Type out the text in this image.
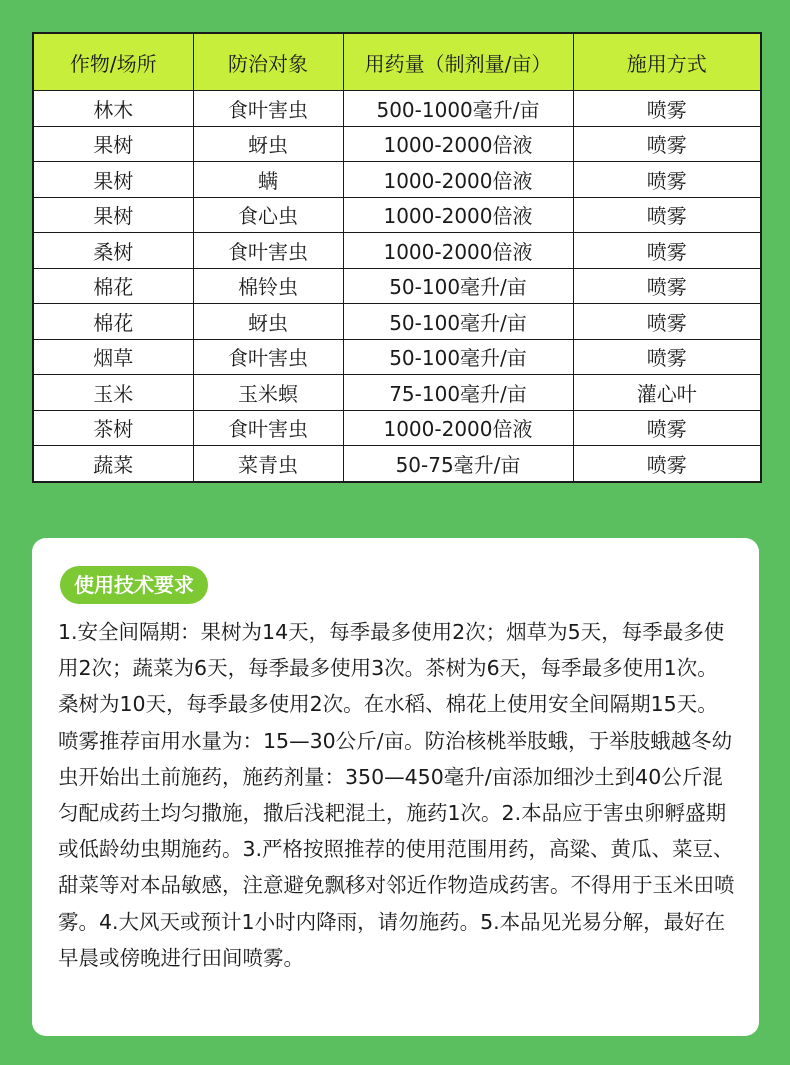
作物/场所	防治对象	用药量（制剂量/亩）	施用方式
林木	食叶害虫	500-1000毫升/亩	喷雾
果树	蚜虫	1000-2000倍液	喷雾
果树	螨	1000-2000倍液	喷雾
果树	食心虫	1000-2000倍液	喷雾
桑树	食叶害虫	1000-2000倍液	喷雾
棉花	棉铃虫	50-100毫升/亩	喷雾
棉花	蚜虫	50-100毫升/亩	喷雾
烟草	食叶害虫	50-100毫升/亩	喷雾
玉米	玉米螟	75-100毫升/亩	灌心叶
茶树	食叶害虫	1000-2000倍液	喷雾
蔬菜	菜青虫	50-75毫升/亩	喷雾
使用技术要求

1.安全间隔期：果树为14天，每季最多使用2次；烟草为5天，每季最多使用2次；蔬菜为6天，每季最多使用3次。茶树为6天，每季最多使用1次。桑树为10天，每季最多使用2次。在水稻、棉花上使用安全间隔期15天。喷雾推荐亩用水量为：15—30公斤/亩。防治核桃举肢蛾，于举肢蛾越冬幼虫开始出土前施药，施药剂量：350—450毫升/亩添加细沙土到40公斤混匀配成药土均匀撒施，撒后浅耙混土，施药1次。2.本品应于害虫卵孵盛期或低龄幼虫期施药。3.严格按照推荐的使用范围用药，高粱、黄瓜、菜豆、甜菜等对本品敏感，注意避免飘移对邻近作物造成药害。不得用于玉米田喷雾。4.大风天或预计1小时内降雨，请勿施药。5.本品见光易分解，最好在早晨或傍晚进行田间喷雾。
